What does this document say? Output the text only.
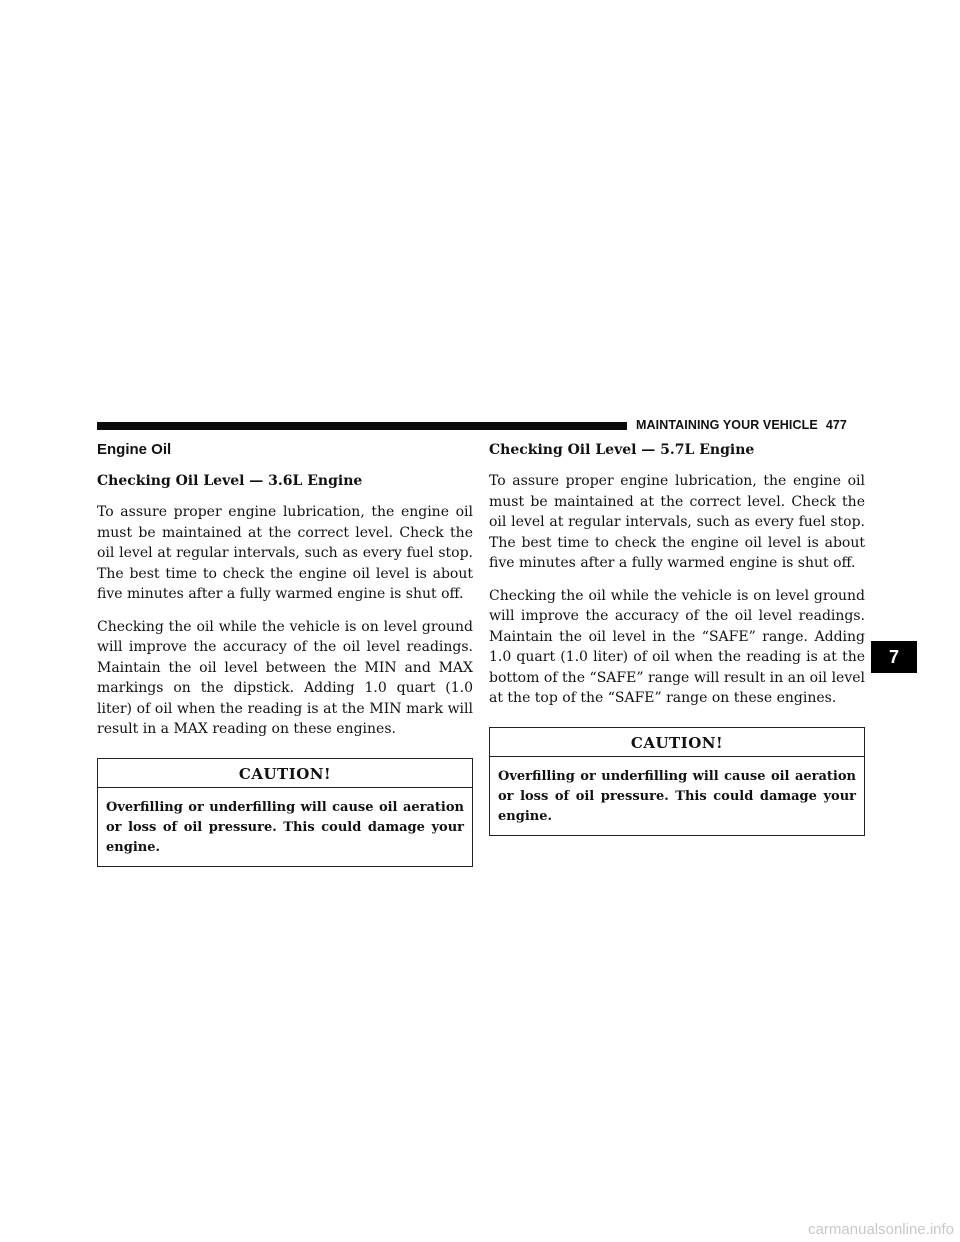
MAINTAINING YOUR VEHICLE 477
Engine Oil
Checking Oil Level — 3.6L Engine

To assure proper engine lubrication, the engine oil must be maintained at the correct level. Check the oil level at regular intervals, such as every fuel stop. The best time to check the engine oil level is about five minutes after a fully warmed engine is shut off.

Checking the oil while the vehicle is on level ground will improve the accuracy of the oil level readings. Maintain the oil level between the MIN and MAX markings on the dipstick. Adding 1.0 quart (1.0 liter) of oil when the reading is at the MIN mark will result in a MAX reading on these engines.

CAUTION!
Overfilling or underfilling will cause oil aeration or loss of oil pressure. This could damage your engine.
Checking Oil Level — 5.7L Engine

To assure proper engine lubrication, the engine oil must be maintained at the correct level. Check the oil level at regular intervals, such as every fuel stop. The best time to check the engine oil level is about five minutes after a fully warmed engine is shut off.

Checking the oil while the vehicle is on level ground will improve the accuracy of the oil level readings. Maintain the oil level in the “SAFE” range. Adding 1.0 quart (1.0 liter) of oil when the reading is at the bottom of the “SAFE” range will result in an oil level at the top of the “SAFE” range on these engines.

CAUTION!
Overfilling or underfilling will cause oil aeration or loss of oil pressure. This could damage your engine.
7
carmanualsonline.info
